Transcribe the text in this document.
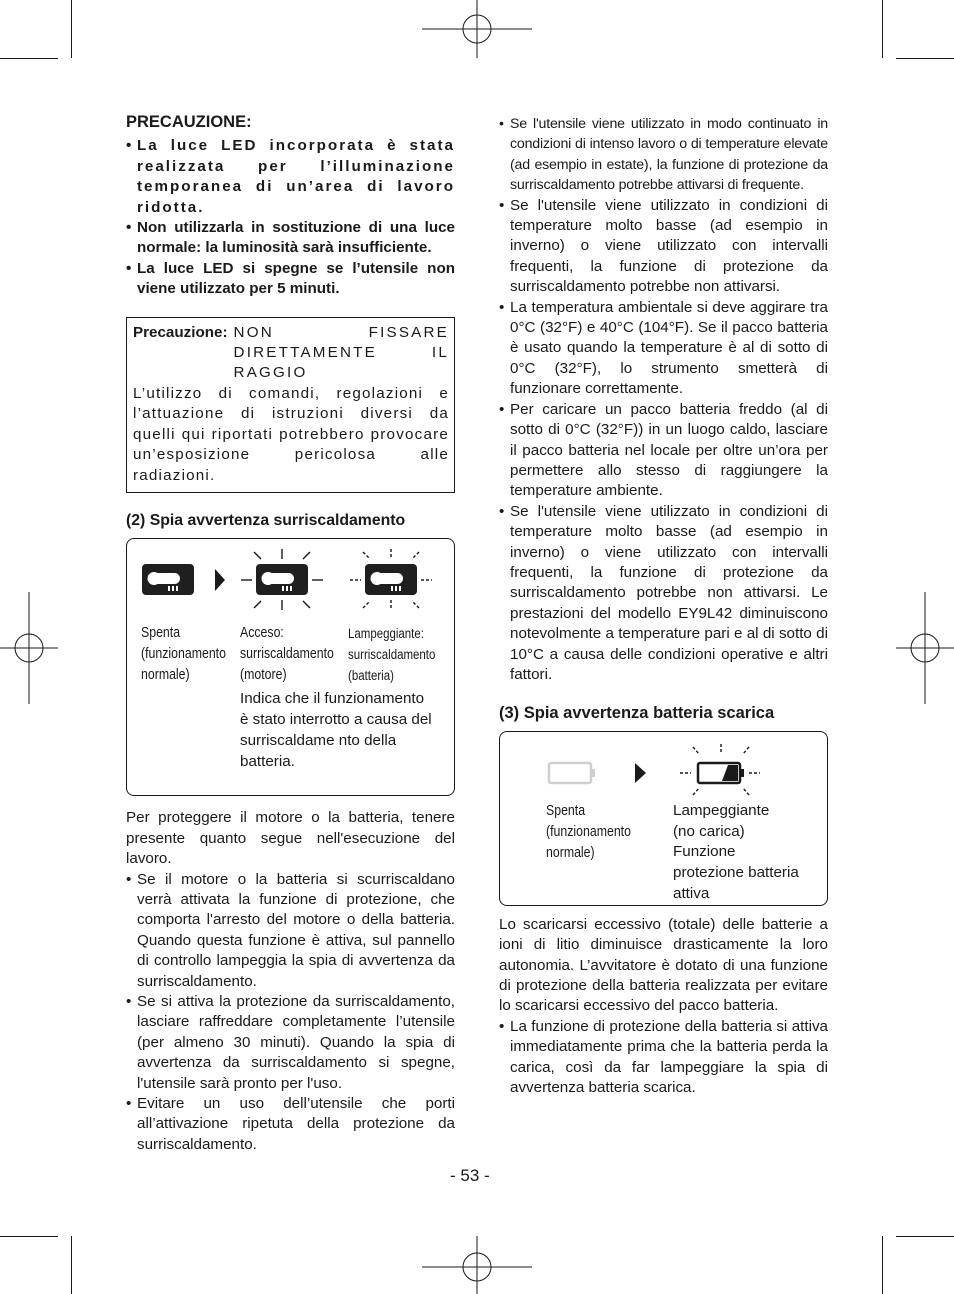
PRECAUZIONE:

• La luce LED incorporata è stata realizzata per l’illuminazione temporanea di un’area di lavoro ridotta.
• Non utilizzarla in sostituzione di una luce normale: la luminosità sarà insufficiente.
• La luce LED si spegne se l’utensile non viene utilizzato per 5 minuti.
Precauzione: NON FISSARE DIRETTAMENTE IL RAGGIO
L’utilizzo di comandi, regolazioni e l’attuazione di istruzioni diversi da quelli qui riportati potrebbero provocare un’esposizione pericolosa alle radiazioni.

(2) Spia avvertenza surriscaldamento

Spenta
(funzionamento
normale)
Acceso:
surriscaldamento
(motore)
Lampeggiante:
surriscaldamento
(batteria)
Indica che il funzionamento è stato interrotto a causa del surriscaldame nto della batteria.
Per proteggere il motore o la batteria, tenere presente quanto segue nell'esecuzione del lavoro.
• Se il motore o la batteria si scurriscaldano verrà attivata la funzione di protezione, che comporta l'arresto del motore o della batteria. Quando questa funzione è attiva, sul pannello di controllo lampeggia la spia di avvertenza da surriscaldamento.
• Se si attiva la protezione da surriscaldamento, lasciare raffreddare completamente l’utensile (per almeno 30 minuti). Quando la spia di avvertenza da surriscaldamento si spegne, l'utensile sarà pronto per l'uso.
• Evitare un uso dell’utensile che porti all’attivazione ripetuta della protezione da surriscaldamento.
• Se l'utensile viene utilizzato in modo continuato in condizioni di intenso lavoro o di temperature elevate (ad esempio in estate), la funzione di protezione da surriscaldamento potrebbe attivarsi di frequente.
• Se l'utensile viene utilizzato in condizioni di temperature molto basse (ad esempio in inverno) o viene utilizzato con intervalli frequenti, la funzione di protezione da surriscaldamento potrebbe non attivarsi.
• La temperatura ambientale si deve aggirare tra 0°C (32°F) e 40°C (104°F). Se il pacco batteria è usato quando la temperature è al di sotto di 0°C (32°F), lo strumento smetterà di funzionare correttamente.
• Per caricare un pacco batteria freddo (al di sotto di 0°C (32°F)) in un luogo caldo, lasciare il pacco batteria nel locale per oltre un’ora per permettere allo stesso di raggiungere la temperature ambiente.
• Se l'utensile viene utilizzato in condizioni di temperature molto basse (ad esempio in inverno) o viene utilizzato con intervalli frequenti, la funzione di protezione da surriscaldamento potrebbe non attivarsi. Le prestazioni del modello EY9L42 diminuiscono notevolmente a temperature pari e al di sotto di 10°C a causa delle condizioni operative e altri fattori.

(3) Spia avvertenza batteria scarica

Spenta
(funzionamento
normale)
Lampeggiante
(no carica)
Funzione
protezione batteria
attiva
Lo scaricarsi eccessivo (totale) delle batterie a ioni di litio diminuisce drasticamente la loro autonomia. L’avvitatore è dotato di una funzione di protezione della batteria realizzata per evitare lo scaricarsi eccessivo del pacco batteria.
• La funzione di protezione della batteria si attiva immediatamente prima che la batteria perda la carica, così da far lampeggiare la spia di avvertenza batteria scarica.
- 53 -
